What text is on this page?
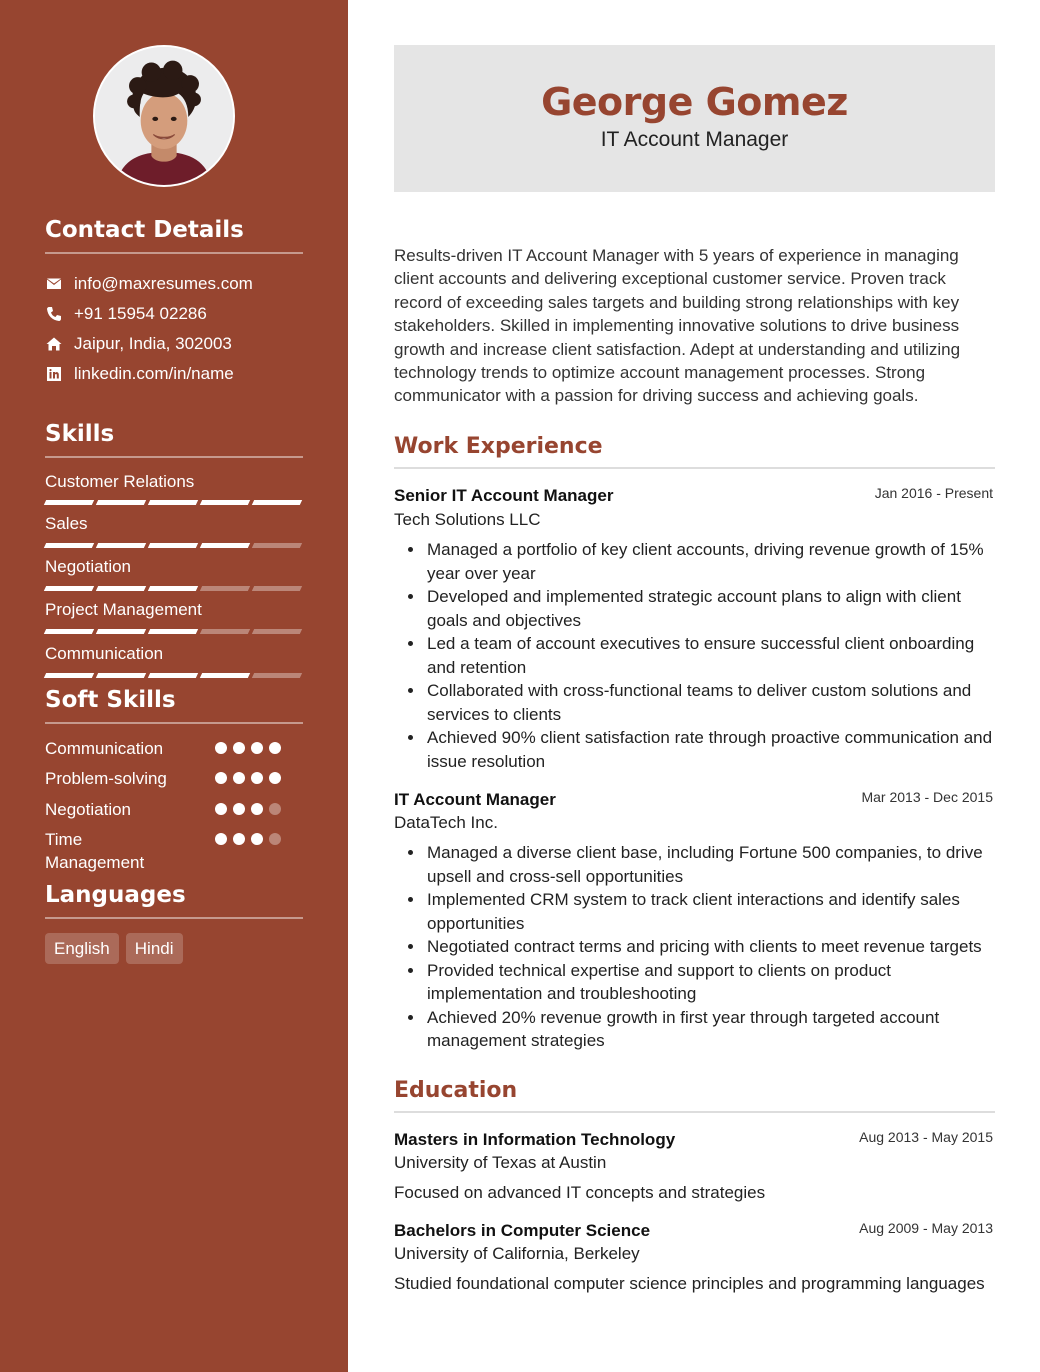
Contact Details
info@maxresumes.com
+91 15954 02286
Jaipur, India, 302003
linkedin.com/in/name
Skills
Customer Relations
Sales
Negotiation
Project Management
Communication
Soft Skills
Communication
Problem-solving
Negotiation
Time Management
Languages
English	Hindi
George Gomez
IT Account Manager

Results-driven IT Account Manager with 5 years of experience in managing client accounts and delivering exceptional customer service. Proven track record of exceeding sales targets and building strong relationships with key stakeholders. Skilled in implementing innovative solutions to drive business growth and increase client satisfaction. Adept at understanding and utilizing technology trends to optimize account management processes. Strong communicator with a passion for driving success and achieving goals.

Work Experience
Senior IT Account Manager	Jan 2016 - Present
Tech Solutions LLC
Managed a portfolio of key client accounts, driving revenue growth of 15% year over year
Developed and implemented strategic account plans to align with client goals and objectives
Led a team of account executives to ensure successful client onboarding and retention
Collaborated with cross-functional teams to deliver custom solutions and services to clients
Achieved 90% client satisfaction rate through proactive communication and issue resolution
IT Account Manager	Mar 2013 - Dec 2015
DataTech Inc.
Managed a diverse client base, including Fortune 500 companies, to drive upsell and cross-sell opportunities
Implemented CRM system to track client interactions and identify sales opportunities
Negotiated contract terms and pricing with clients to meet revenue targets
Provided technical expertise and support to clients on product implementation and troubleshooting
Achieved 20% revenue growth in first year through targeted account management strategies
Education
Masters in Information Technology	Aug 2013 - May 2015
University of Texas at Austin
Focused on advanced IT concepts and strategies
Bachelors in Computer Science	Aug 2009 - May 2013
University of California, Berkeley
Studied foundational computer science principles and programming languages
